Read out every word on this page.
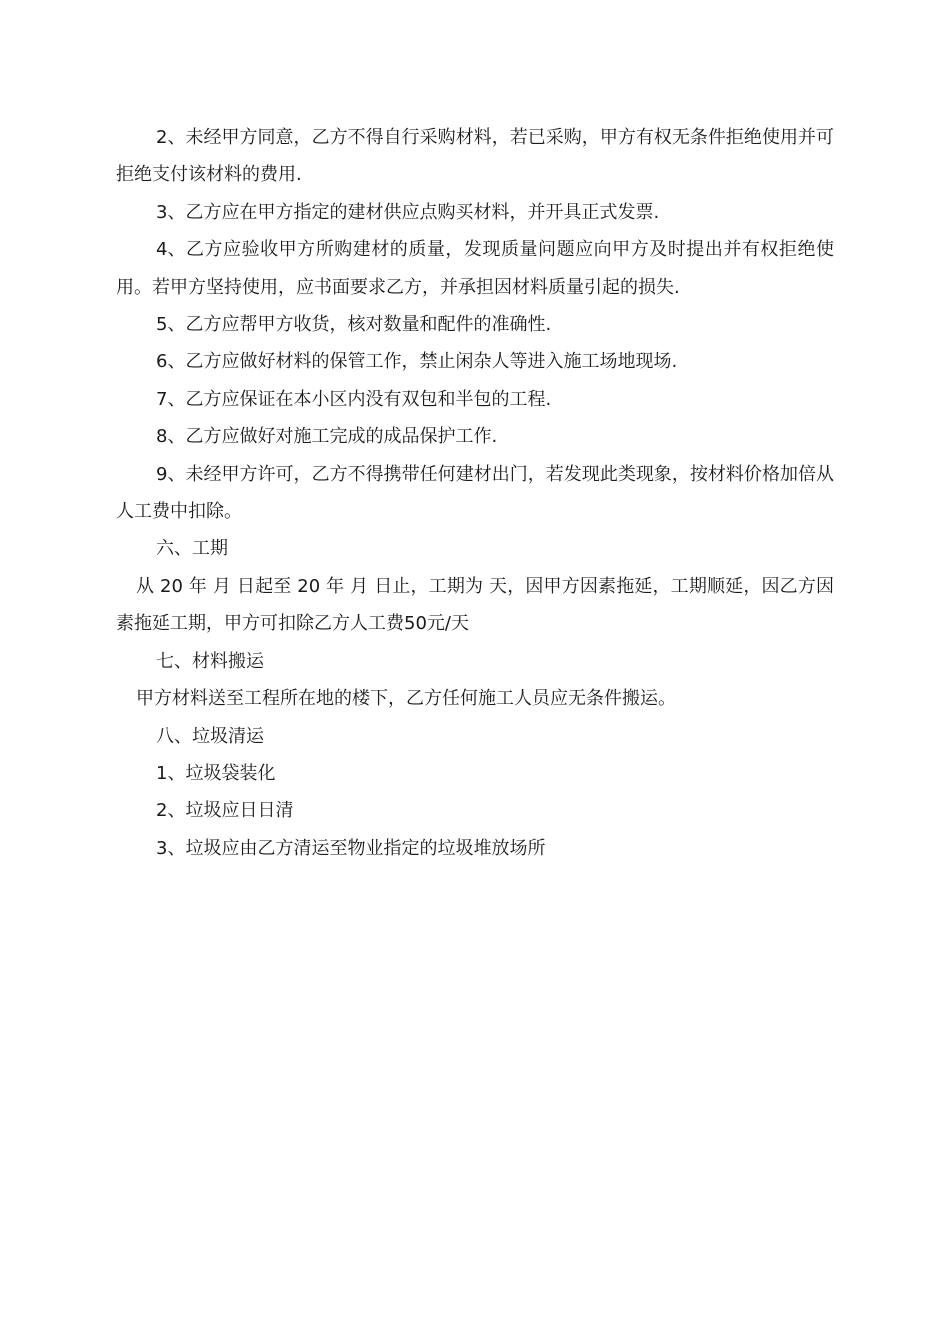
2、未经甲方同意，乙方不得自行采购材料，若已采购，甲方有权无条件拒绝使用并可拒绝支付该材料的费用.

3、乙方应在甲方指定的建材供应点购买材料，并开具正式发票.

4、乙方应验收甲方所购建材的质量，发现质量问题应向甲方及时提出并有权拒绝使用。若甲方坚持使用，应书面要求乙方，并承担因材料质量引起的损失.

5、乙方应帮甲方收货，核对数量和配件的准确性.

6、乙方应做好材料的保管工作，禁止闲杂人等进入施工场地现场.

7、乙方应保证在本小区内没有双包和半包的工程.

8、乙方应做好对施工完成的成品保护工作.

9、未经甲方许可，乙方不得携带任何建材出门，若发现此类现象，按材料价格加倍从人工费中扣除。

六、工期

从 20 年 月 日起至 20 年 月 日止，工期为 天，因甲方因素拖延，工期顺延，因乙方因素拖延工期，甲方可扣除乙方人工费50元/天

七、材料搬运

甲方材料送至工程所在地的楼下，乙方任何施工人员应无条件搬运。

八、垃圾清运

1、垃圾袋装化

2、垃圾应日日清

3、垃圾应由乙方清运至物业指定的垃圾堆放场所
